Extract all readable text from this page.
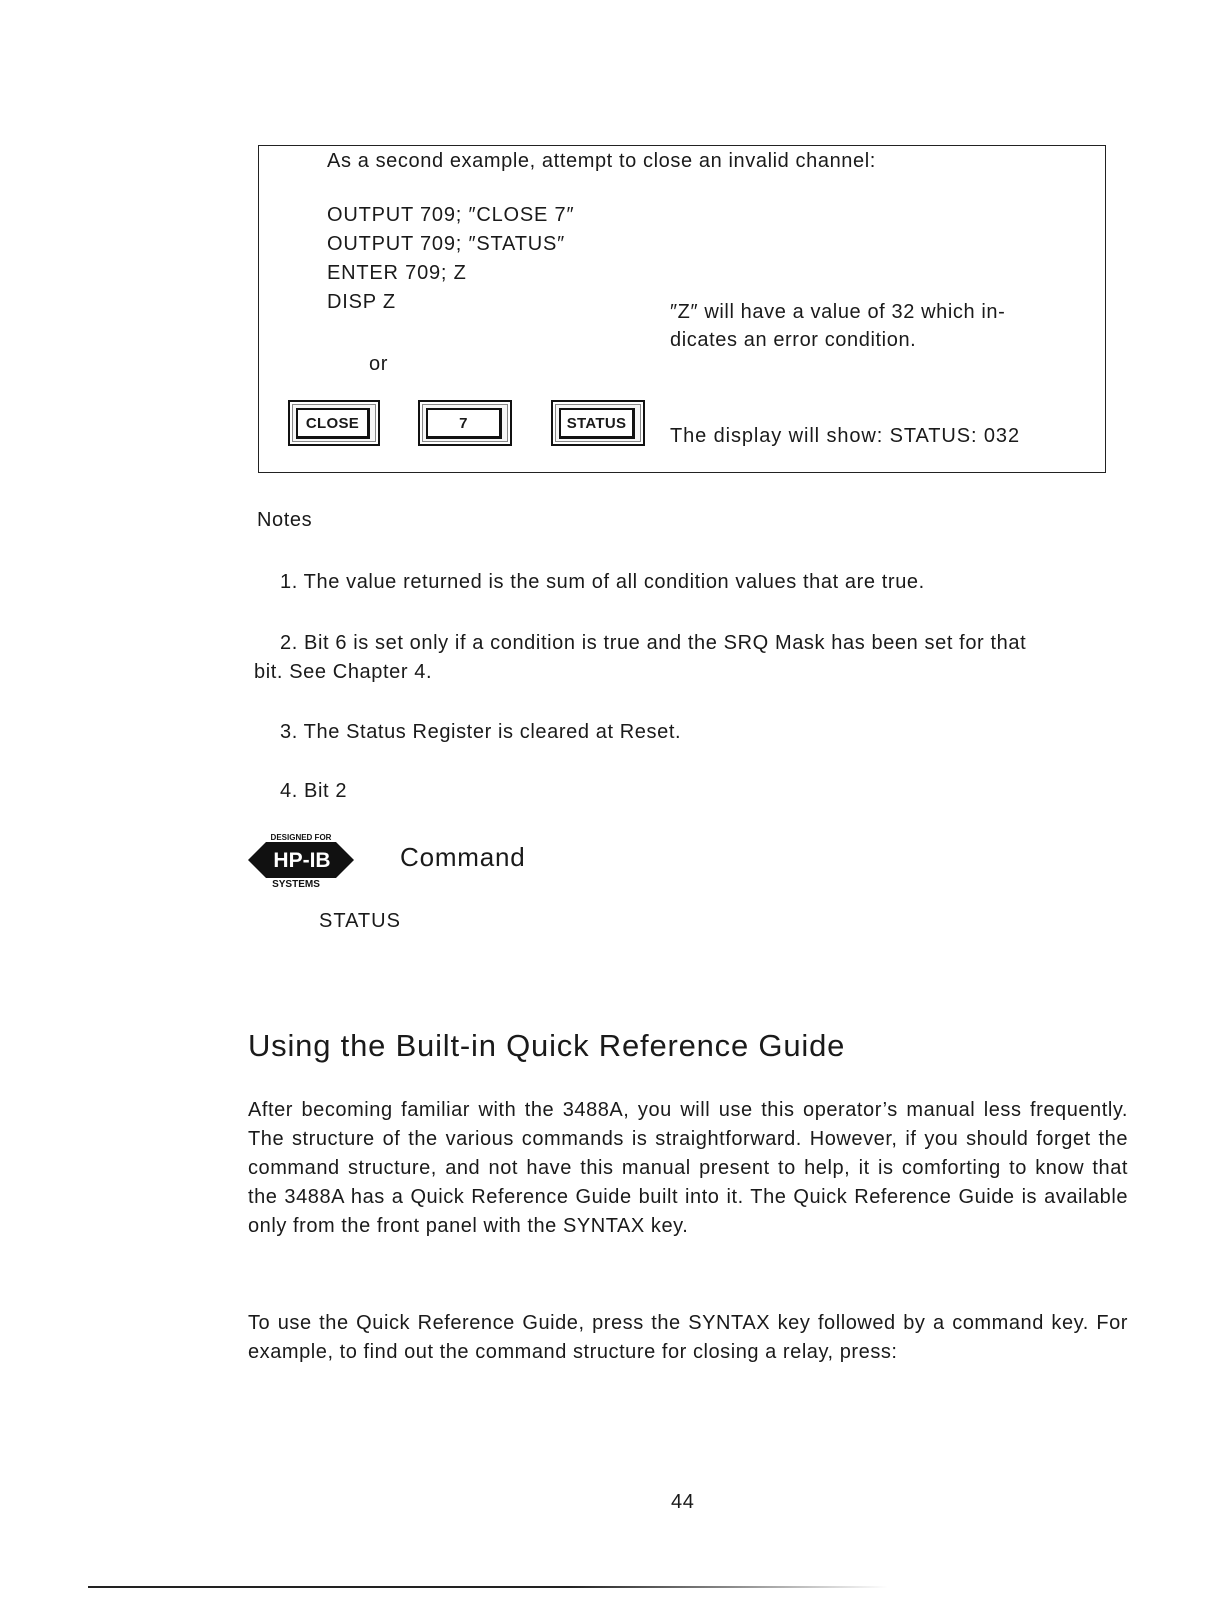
As a second example, attempt to close an invalid channel:
OUTPUT 709; ″CLOSE 7″
OUTPUT 709; ″STATUS″
ENTER 709; Z
DISP Z	″Z″ will have a value of 32 which in-
dicates an error condition.
or
CLOSE	7	STATUS
The display will show: STATUS: 032
Notes
1. The value returned is the sum of all condition values that are true.
2. Bit 6 is set only if a condition is true and the SRQ Mask has been set for that
bit. See Chapter 4.
3. The Status Register is cleared at Reset.
4. Bit 2
DESIGNED FOR
HP-IB
SYSTEMS
Command
STATUS
Using the Built-in Quick Reference Guide
After becoming familiar with the 3488A, you will use this operator’s manual less frequently. The structure of the various commands is straightforward. However, if you should forget the command structure, and not have this manual present to help, it is comforting to know that the 3488A has a Quick Reference Guide built into it. The Quick Reference Guide is available only from the front panel with the SYNTAX key.
To use the Quick Reference Guide, press the SYNTAX key followed by a command key. For example, to find out the command structure for closing a relay, press:
44
